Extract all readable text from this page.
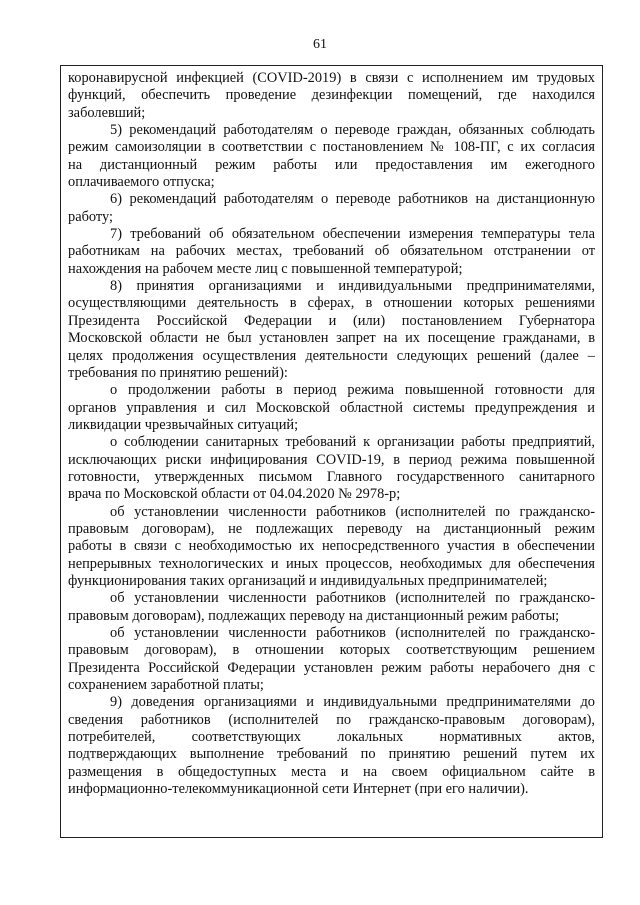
61
коронавирусной инфекцией (COVID-2019) в связи с исполнением им трудовых
функций, обеспечить проведение дезинфекции помещений, где находился
заболевший;
5) рекомендаций работодателям о переводе граждан, обязанных соблюдать
режим самоизоляции в соответствии с постановлением № 108-ПГ, с их согласия
на дистанционный режим работы или предоставления им ежегодного
оплачиваемого отпуска;
6) рекомендаций работодателям о переводе работников на дистанционную
работу;
7) требований об обязательном обеспечении измерения температуры тела
работникам на рабочих местах, требований об обязательном отстранении от
нахождения на рабочем месте лиц с повышенной температурой;
8) принятия организациями и индивидуальными предпринимателями,
осуществляющими деятельность в сферах, в отношении которых решениями
Президента Российской Федерации и (или) постановлением Губернатора
Московской области не был установлен запрет на их посещение гражданами, в
целях продолжения осуществления деятельности следующих решений (далее –
требования по принятию решений):
о продолжении работы в период режима повышенной готовности для
органов управления и сил Московской областной системы предупреждения и
ликвидации чрезвычайных ситуаций;
о соблюдении санитарных требований к организации работы предприятий,
исключающих риски инфицирования COVID-19, в период режима повышенной
готовности, утвержденных письмом Главного государственного санитарного
врача по Московской области от 04.04.2020 № 2978-р;
об установлении численности работников (исполнителей по гражданско-
правовым договорам), не подлежащих переводу на дистанционный режим
работы в связи с необходимостью их непосредственного участия в обеспечении
непрерывных технологических и иных процессов, необходимых для обеспечения
функционирования таких организаций и индивидуальных предпринимателей;
об установлении численности работников (исполнителей по гражданско-
правовым договорам), подлежащих переводу на дистанционный режим работы;
об установлении численности работников (исполнителей по гражданско-
правовым договорам), в отношении которых соответствующим решением
Президента Российской Федерации установлен режим работы нерабочего дня с
сохранением заработной платы;
9) доведения организациями и индивидуальными предпринимателями до
сведения работников (исполнителей по гражданско-правовым договорам),
потребителей, соответствующих локальных нормативных актов,
подтверждающих выполнение требований по принятию решений путем их
размещения в общедоступных места и на своем официальном сайте в
информационно-телекоммуникационной сети Интернет (при его наличии).
